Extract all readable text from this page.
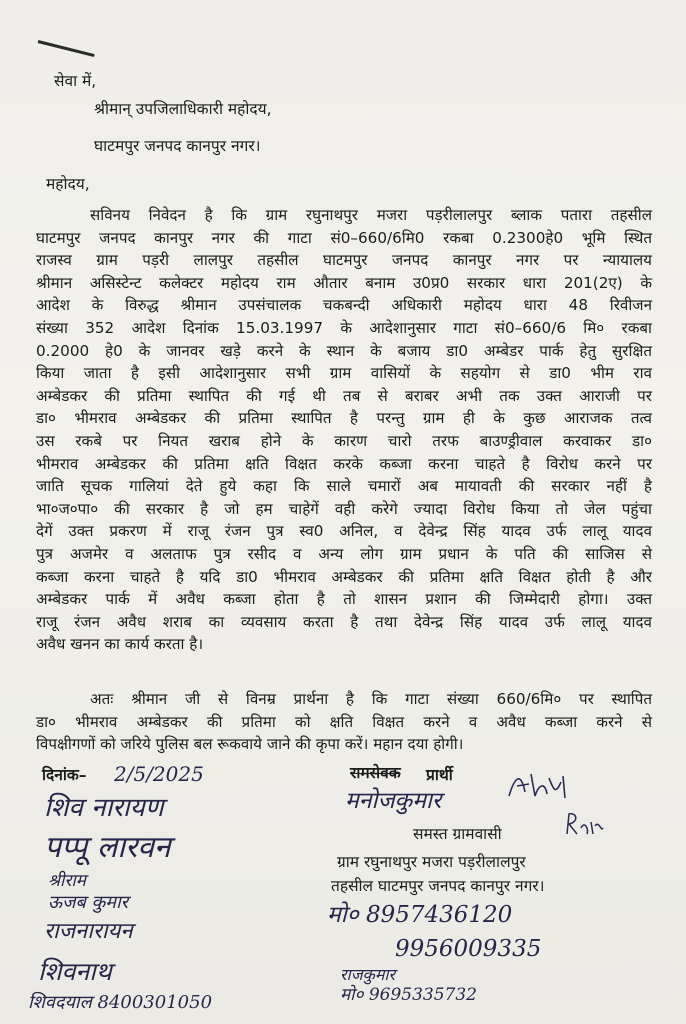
सेवा में,
श्रीमान् उपजिलाधिकारी महोदय,
घाटमपुर जनपद कानपुर नगर।
महोदय,
सविनय निवेदन है कि ग्राम रघुनाथपुर मजरा पड़रीलालपुर ब्लाक पतारा तहसील
घाटमपुर जनपद कानपुर नगर की गाटा सं0–660/6मि0 रकबा 0.2300हे0 भूमि स्थित
राजस्व ग्राम पड़री लालपुर तहसील घाटमपुर जनपद कानपुर नगर पर न्यायालय
श्रीमान असिस्टेन्ट कलेक्टर महोदय राम औतार बनाम उ0प्र0 सरकार धारा 201(2ए) के
आदेश के विरुद्ध श्रीमान उपसंचालक चकबन्दी अधिकारी महोदय धारा 48 रिवीजन
संख्या 352 आदेश दिनांक 15.03.1997 के आदेशानुसार गाटा सं0–660/6 मि० रकबा
0.2000 हे0 के जानवर खड़े करने के स्थान के बजाय डा0 अम्बेडर पार्क हेतु सुरक्षित
किया जाता है इसी आदेशानुसार सभी ग्राम वासियों के सहयोग से डा0 भीम राव
अम्बेडकर की प्रतिमा स्थापित की गई थी तब से बराबर अभी तक उक्त आराजी पर
डा० भीमराव अम्बेडकर की प्रतिमा स्थापित है परन्तु ग्राम ही के कुछ आराजक तत्व
उस रकबे पर नियत खराब होने के कारण चारो तरफ बाउण्ड्रीवाल करवाकर डा०
भीमराव अम्बेडकर की प्रतिमा क्षति विक्षत करके कब्जा करना चाहते है विरोध करने पर
जाति सूचक गालियां देते हुये कहा कि साले चमारों अब मायावती की सरकार नहीं है
भा०ज०पा० की सरकार है जो हम चाहेगें वही करेगे ज्यादा विरोध किया तो जेल पहुंचा
देगें उक्त प्रकरण में राजू रंजन पुत्र स्व0 अनिल, व देवेन्द्र सिंह यादव उर्फ लालू यादव
पुत्र अजमेर व अलताफ पुत्र रसीद व अन्य लोग ग्राम प्रधान के पति की साजिस से
कब्जा करना चाहते है यदि डा0 भीमराव अम्बेडकर की प्रतिमा क्षति विक्षत होती है और
अम्बेडकर पार्क में अवैध कब्जा होता है तो शासन प्रशान की जिम्मेदारी होगा। उक्त
राजू रंजन अवैध शराब का व्यवसाय करता है तथा देवेन्द्र सिंह यादव उर्फ लालू यादव
अवैध खनन का कार्य करता है।
अतः श्रीमान जी से विनम्र प्रार्थना है कि गाटा संख्या 660/6मि० पर स्थापित
डा० भीमराव अम्बेडकर की प्रतिमा को क्षति विक्षत करने व अवैध कब्जा करने से
विपक्षीगणों को जरिये पुलिस बल रूकवाये जाने की कृपा करें। महान दया होगी।
दिनांक– 2/5/2025	रामसेवक प्रार्थी
समस्त ग्रामवासी
ग्राम रघुनाथपुर मजरा पड़रीलालपुर
तहसील घाटमपुर जनपद कानपुर नगर।
शिव नारायण
पप्पू लारवन
श्रीराम
ऊजब कुमार
राजनारायन
शिवनाथ
शिवदयाल 8400301050
मनोजकुमार
मो० 8957436120
9956009335
राजकुमार
मो० 9695335732
